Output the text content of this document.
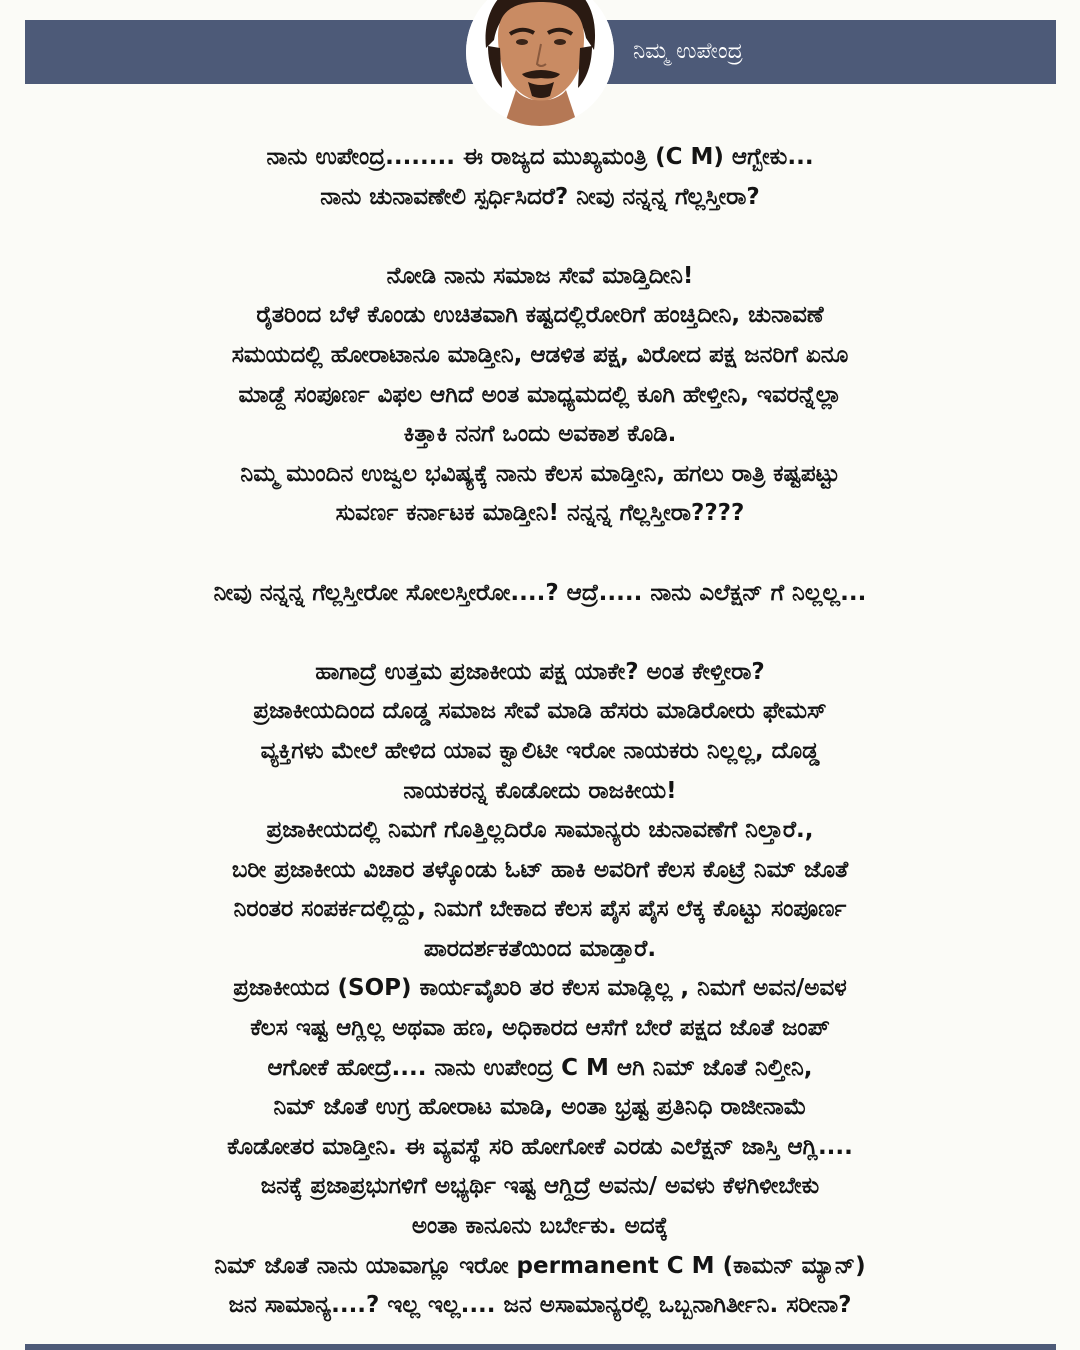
ನಿಮ್ಮ ಉಪೇಂದ್ರ

ನಾನು ಉಪೇಂದ್ರ........ ಈ ರಾಜ್ಯದ ಮುಖ್ಯಮಂತ್ರಿ (C M) ಆಗ್ಬೇಕು...

ನಾನು ಚುನಾವಣೇಲಿ ಸ್ಪರ್ಧಿಸಿದರೆ? ನೀವು ನನ್ನನ್ನ ಗೆಲ್ಲಸ್ತೀರಾ?

ನೋಡಿ ನಾನು ಸಮಾಜ ಸೇವೆ ಮಾಡ್ತಿದೀನಿ!

ರೈತರಿಂದ ಬೆಳೆ ಕೊಂಡು ಉಚಿತವಾಗಿ ಕಷ್ಟದಲ್ಲಿರೋರಿಗೆ ಹಂಚ್ತಿದೀನಿ, ಚುನಾವಣೆ

ಸಮಯದಲ್ಲಿ ಹೋರಾಟಾನೂ ಮಾಡ್ತೀನಿ, ಆಡಳಿತ ಪಕ್ಷ, ವಿರೋದ ಪಕ್ಷ ಜನರಿಗೆ ಏನೂ

ಮಾಡ್ದೆ ಸಂಪೂರ್ಣ ವಿಫಲ ಆಗಿದೆ ಅಂತ ಮಾಧ್ಯಮದಲ್ಲಿ ಕೂಗಿ ಹೇಳ್ತೀನಿ, ಇವರನ್ನೆಲ್ಲಾ

ಕಿತ್ತಾಕಿ ನನಗೆ ಒಂದು ಅವಕಾಶ ಕೊಡಿ.

ನಿಮ್ಮ ಮುಂದಿನ ಉಜ್ವಲ ಭವಿಷ್ಯಕ್ಕೆ ನಾನು ಕೆಲಸ ಮಾಡ್ತೀನಿ, ಹಗಲು ರಾತ್ರಿ ಕಷ್ಟಪಟ್ಟು

ಸುವರ್ಣ ಕರ್ನಾಟಕ ಮಾಡ್ತೀನಿ! ನನ್ನನ್ನ ಗೆಲ್ಲಸ್ತೀರಾ????

ನೀವು ನನ್ನನ್ನ ಗೆಲ್ಲಸ್ತೀರೋ ಸೋಲಸ್ತೀರೋ....? ಆದ್ರೆ..... ನಾನು ಎಲೆಕ್ಷನ್ ಗೆ ನಿಲ್ಲಲ್ಲ...

ಹಾಗಾದ್ರೆ ಉತ್ತಮ ಪ್ರಜಾಕೀಯ ಪಕ್ಷ ಯಾಕೇ? ಅಂತ ಕೇಳ್ತೀರಾ?

ಪ್ರಜಾಕೀಯದಿಂದ ದೊಡ್ಡ ಸಮಾಜ ಸೇವೆ ಮಾಡಿ ಹೆಸರು ಮಾಡಿರೋರು ಫೇಮಸ್

ವ್ಯಕ್ತಿಗಳು ಮೇಲೆ ಹೇಳಿದ ಯಾವ ಕ್ವಾಲಿಟೀ ಇರೋ ನಾಯಕರು ನಿಲ್ಲಲ್ಲ, ದೊಡ್ಡ

ನಾಯಕರನ್ನ ಕೊಡೋದು ರಾಜಕೀಯ!

ಪ್ರಜಾಕೀಯದಲ್ಲಿ ನಿಮಗೆ ಗೊತ್ತಿಲ್ಲದಿರೊ ಸಾಮಾನ್ಯರು ಚುನಾವಣೆಗೆ ನಿಲ್ತಾರೆ.,

ಬರೀ ಪ್ರಜಾಕೀಯ ವಿಚಾರ ತಳ್ಕೊಂಡು ಓಟ್ ಹಾಕಿ ಅವರಿಗೆ ಕೆಲಸ ಕೊಟ್ರೆ ನಿಮ್ ಜೊತೆ

ನಿರಂತರ ಸಂಪರ್ಕದಲ್ಲಿದ್ದು, ನಿಮಗೆ ಬೇಕಾದ ಕೆಲಸ ಪೈಸ ಪೈಸ ಲೆಕ್ಕ ಕೊಟ್ಟು ಸಂಪೂರ್ಣ

ಪಾರದರ್ಶಕತೆಯಿಂದ ಮಾಡ್ತಾರೆ.

ಪ್ರಜಾಕೀಯದ (SOP) ಕಾರ್ಯವೈಖರಿ ತರ ಕೆಲಸ ಮಾಡ್ಲಿಲ್ಲ , ನಿಮಗೆ ಅವನ/ಅವಳ

ಕೆಲಸ ಇಷ್ಟ ಆಗ್ಲಿಲ್ಲ ಅಥವಾ ಹಣ, ಅಧಿಕಾರದ ಆಸೆಗೆ ಬೇರೆ ಪಕ್ಷದ ಜೊತೆ ಜಂಪ್

ಆಗೋಕೆ ಹೋದ್ರೆ.... ನಾನು ಉಪೇಂದ್ರ C M ಆಗಿ ನಿಮ್ ಜೊತೆ ನಿಲ್ತೀನಿ,

ನಿಮ್ ಜೊತೆ ಉಗ್ರ ಹೋರಾಟ ಮಾಡಿ, ಅಂತಾ ಭ್ರಷ್ಟ ಪ್ರತಿನಿಧಿ ರಾಜೀನಾಮೆ

ಕೊಡೋತರ ಮಾಡ್ತೀನಿ. ಈ ವ್ಯವಸ್ಥೆ ಸರಿ ಹೋಗೋಕೆ ಎರಡು ಎಲೆಕ್ಷನ್ ಜಾಸ್ತಿ ಆಗ್ಲಿ....

ಜನಕ್ಕೆ ಪ್ರಜಾಪ್ರಭುಗಳಿಗೆ ಅಭ್ಯರ್ಥಿ ಇಷ್ಟ ಆಗ್ದಿದ್ರೆ ಅವನು/ ಅವಳು ಕೆಳಗಿಳೀಬೇಕು

ಅಂತಾ ಕಾನೂನು ಬರ್ಬೇಕು. ಅದಕ್ಕೆ

ನಿಮ್ ಜೊತೆ ನಾನು ಯಾವಾಗ್ಲೂ ಇರೋ permanent C M (ಕಾಮನ್ ಮ್ಯಾನ್)

ಜನ ಸಾಮಾನ್ಯ....? ಇಲ್ಲ ಇಲ್ಲ.... ಜನ ಅಸಾಮಾನ್ಯರಲ್ಲಿ ಒಬ್ಬನಾಗಿರ್ತೀನಿ. ಸರೀನಾ?
